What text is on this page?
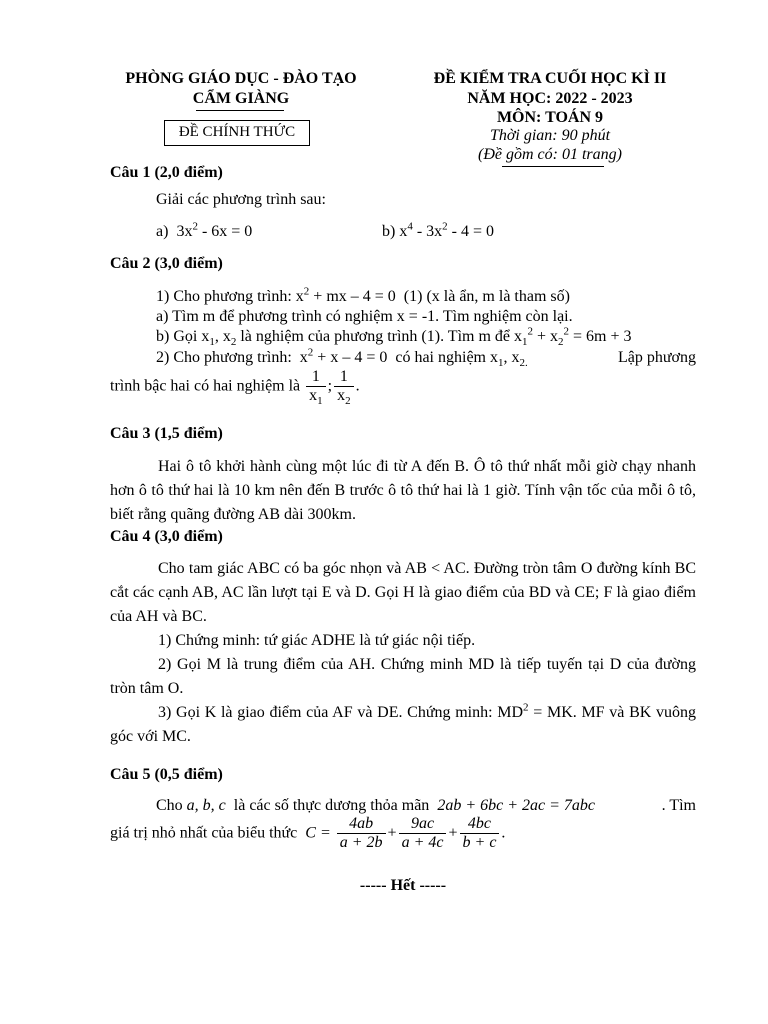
PHÒNG GIÁO DỤC - ĐÀO TẠO
CẨM GIÀNG
ĐỀ CHÍNH THỨC
ĐỀ KIỂM TRA CUỐI HỌC KÌ II
NĂM HỌC: 2022 - 2023
MÔN: TOÁN 9
Thời gian: 90 phút
(Đề gồm có: 01 trang)
Câu 1 (2,0 điểm)
Giải các phương trình sau:
a)  $3x^2 - 6x = 0$	b) $x^4 - 3x^2 - 4 = 0$
Câu 2 (3,0 điểm)
1) Cho phương trình: $x^2$ + mx – 4 = 0  (1) (x là ẩn, m là tham số)
a) Tìm m để phương trình có nghiệm x = -1. Tìm nghiệm còn lại.
b) Gọi $x_1$, $x_2$ là nghiệm của phương trình (1). Tìm m để $x_1^2 + x_2^2 = 6m + 3$
2) Cho phương trình:  $x^2 + x - 4 = 0$  có hai nghiệm $x_1$, $x_{2.}$	Lập phương
trình bậc hai có hai nghiệm là $\frac{1}{x_1}$ ; $\frac{1}{x_2}$ .
Câu 3 (1,5 điểm)

Hai ô tô khởi hành cùng một lúc đi từ A đến B. Ô tô thứ nhất mỗi giờ chạy nhanh hơn ô tô thứ hai là 10 km nên đến B trước ô tô thứ hai là 1 giờ. Tính vận tốc của mỗi ô tô, biết rằng quãng đường AB dài 300km.

Câu 4 (3,0 điểm)

Cho tam giác ABC có ba góc nhọn và AB < AC. Đường tròn tâm O đường kính BC cắt các cạnh AB, AC lần lượt tại E và D. Gọi H là giao điểm của BD và CE; F là giao điểm của AH và BC.

1) Chứng minh: tứ giác ADHE là tứ giác nội tiếp.

2) Gọi M là trung điểm của AH. Chứng minh MD là tiếp tuyến tại D của đường tròn tâm O.

3) Gọi K là giao điểm của AF và DE. Chứng minh: $MD^2$ = MK. MF và BK vuông góc với MC.

Câu 5 (0,5 điểm)
Cho a, b, c là các số thực dương thỏa mãn 2ab + 6bc + 2ac = 7abc	. Tìm
giá trị nhỏ nhất của biểu thức  $C = \frac{4ab}{a + 2b} + \frac{9ac}{a + 4c} + \frac{4bc}{b + c}$ .
----- Hết -----
